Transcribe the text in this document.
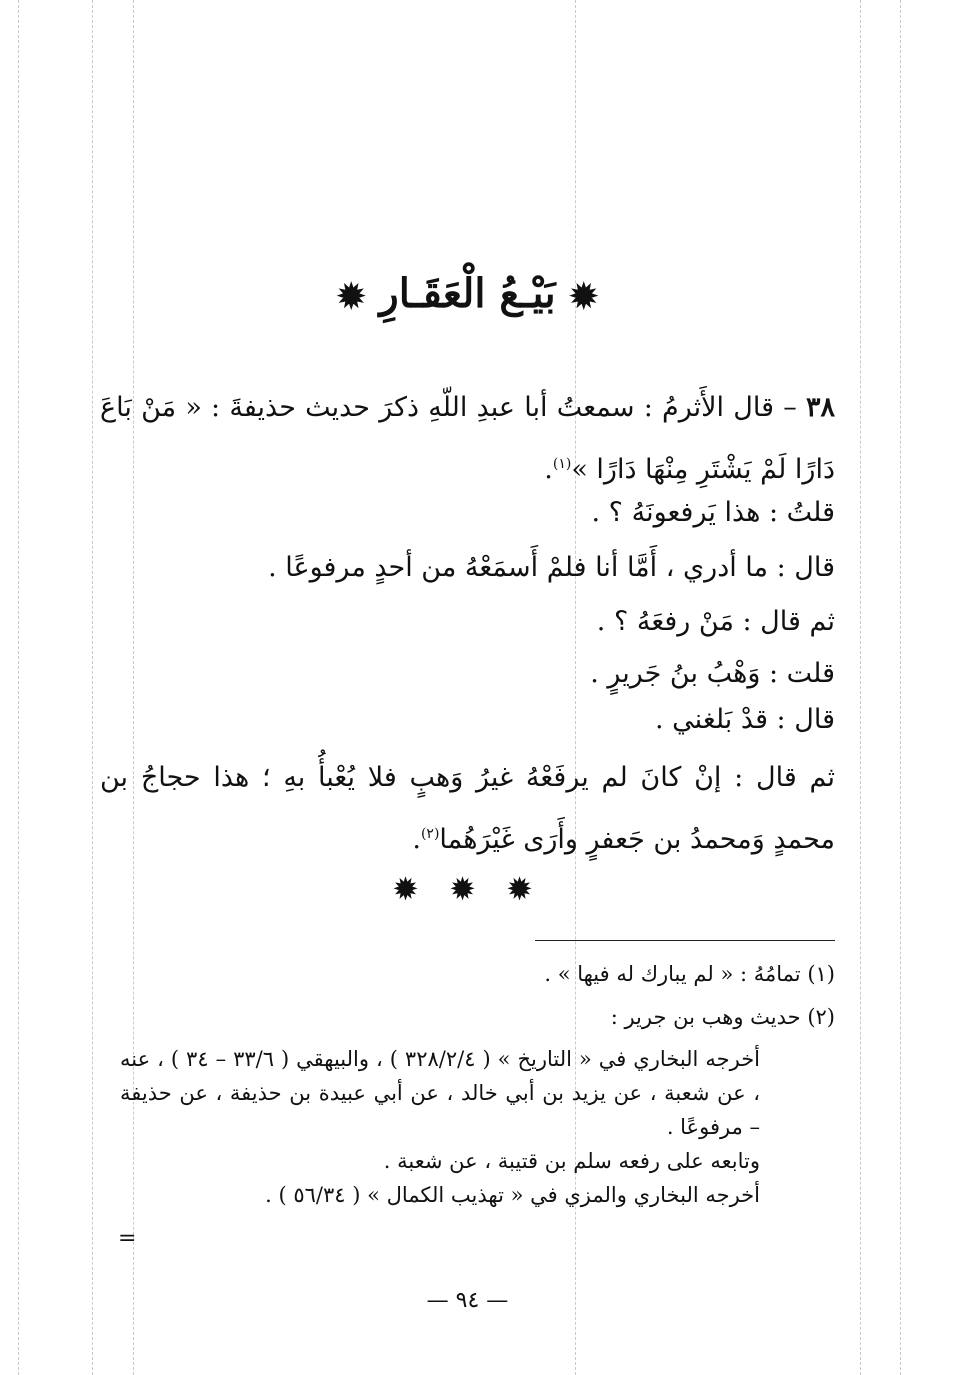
✹ بَيْـعُ الْعَقَـارِ ✹
٣٨ – قال الأَثرمُ : سمعتُ أبا عبدِ اللّهِ ذكرَ حديث حذيفةَ : « مَنْ بَاعَ دَارًا لَمْ يَشْتَرِ مِنْهَا دَارًا »$^{(١)}$.
قلتُ : هذا يَرفعونَهُ ؟ .
قال : ما أدري ، أَمَّا أنا فلمْ أَسمَعْهُ من أحدٍ مرفوعًا .
ثم قال : مَنْ رفعَهُ ؟ .
قلت : وَهْبُ بنُ جَريرٍ .
قال : قدْ بَلغني .
ثم قال : إنْ كانَ لم يرفَعْهُ غيرُ وَهبٍ فلا يُعْبأُ بهِ ؛ هذا حجاجُ بن محمدٍ وَمحمدُ بن جَعفرٍ وأَرَى غَيْرَهُما$^{(٢)}$.
✹ ✹ ✹
(١) تمامُهُ : « لم يبارك له فيها » .
(٢) حديث وهب بن جرير :
أخرجه البخاري في « التاريخ » ( ٣٢٨/٢/٤ ) ، والبيهقي ( ٣٣/٦ – ٣٤ ) ، عنه ، عن شعبة ، عن يزيد بن أبي خالد ، عن أبي عبيدة بن حذيفة ، عن حذيفة – مرفوعًا .
وتابعه على رفعه سلم بن قتيبة ، عن شعبة .
أخرجه البخاري والمزي في « تهذيب الكمال » ( ٥٦/٣٤ ) .
=
— ٩٤ —
